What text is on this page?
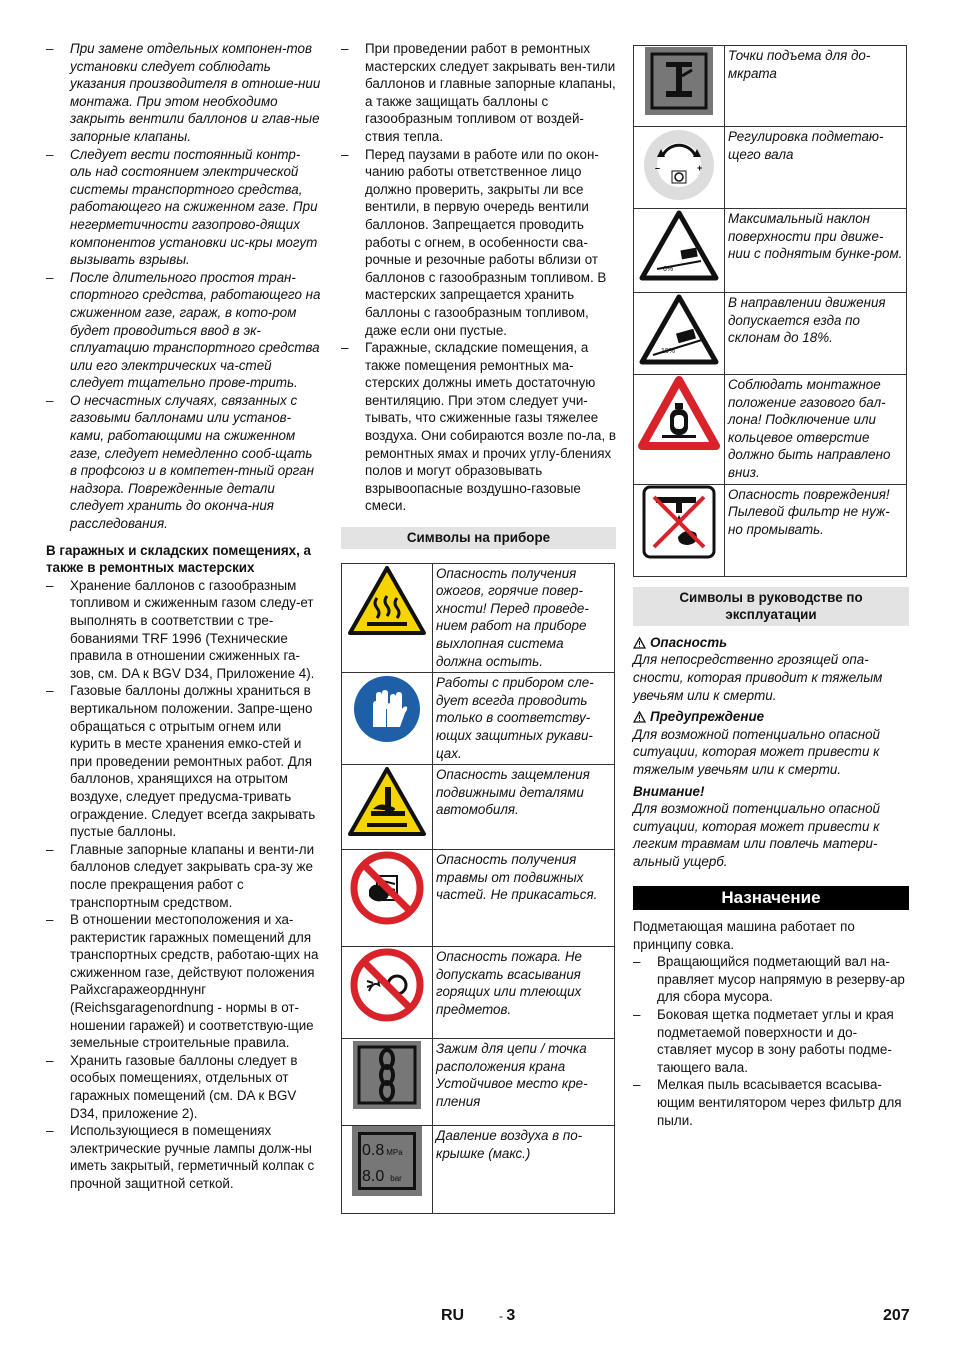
– При замене отдельных компонен-тов установки следует соблюдать указания производителя в отноше-нии монтажа. При этом необходимо закрыть вентили баллонов и глав-ные запорные клапаны.

– Следует вести постоянный контр-оль над состоянием электрической системы транспортного средства, работающего на сжиженном газе. При негерметичности газопрово-дящих компонентов установки ис-кры могут вызывать взрывы.

– После длительного простоя тран-спортного средства, работающего на сжиженном газе, гараж, в кото-ром будет проводиться ввод в эк-сплуатацию транспортного средства или его электрических ча-стей следует тщательно прове-трить.

– О несчастных случаях, связанных с газовыми баллонами или установ-ками, работающими на сжиженном газе, следует немедленно сооб-щать в профсоюз и в компетен-тный орган надзора. Поврежденные детали следует хранить до оконча-ния расследования.

В гаражных и складских помещениях, а также в ремонтных мастерских

– Хранение баллонов с газообразным топливом и сжиженным газом следу-ет выполнять в соответствии с тре-бованиями TRF 1996 (Технические правила в отношении сжиженных га-зов, см. DA к BGV D34, Приложение 4).

– Газовые баллоны должны храниться в вертикальном положении. Запре-щено обращаться с отрытым огнем или курить в месте хранения емко-стей и при проведении ремонтных работ. Для баллонов, хранящихся на отрытом воздухе, следует предусма-тривать ограждение. Следует всегда закрывать пустые баллоны.

– Главные запорные клапаны и венти-ли баллонов следует закрывать сра-зу же после прекращения работ с транспортным средством.

– В отношении местоположения и ха-рактеристик гаражных помещений для транспортных средств, работаю-щих на сжиженном газе, действуют положения Райхсгаражеордннунг (Reichsgaragenordnung - нормы в от-ношении гаражей) и соответствую-щие земельные строительные правила.

– Хранить газовые баллоны следует в особых помещениях, отдельных от гаражных помещений (см. DA к BGV D34, приложение 2).

– Использующиеся в помещениях электрические ручные лампы долж-ны иметь закрытый, герметичный колпак с прочной защитной сеткой.

– При проведении работ в ремонтных мастерских следует закрывать вен-тили баллонов и главные запорные клапаны, а также защищать баллоны с газообразным топливом от воздей-ствия тепла.

– Перед паузами в работе или по окон-чанию работы ответственное лицо должно проверить, закрыты ли все вентили, в первую очередь вентили баллонов. Запрещается проводить работы с огнем, в особенности сва-рочные и резочные работы вблизи от баллонов с газообразным топливом. В мастерских запрещается хранить баллоны с газообразным топливом, даже если они пустые.

– Гаражные, складские помещения, а также помещения ремонтных ма-стерских должны иметь достаточную вентиляцию. При этом следует учи-тывать, что сжиженные газы тяжелее воздуха. Они собираются возле по-ла, в ремонтных ямах и прочих углу-блениях полов и могут образовывать взрывоопасные воздушно-газовые смеси.

Символы на приборе
	Опасность получения ожогов, горячие повер-хности! Перед проведе-нием работ на приборе выхлопная система должна остыть.

	Работы с прибором сле-дует всегда проводить только в соответству-ющих защитных рукави-цах.

	Опасность защемления подвижными деталями автомобиля.

	Опасность получения травмы от подвижных частей. Не прикасаться.

	Опасность пожара. Не допускать всасывания горящих или тлеющих предметов.

	Зажим для цепи / точка расположения крана Устойчивое место кре-пления

0.8 MPa
8.0 bar	Давление воздуха в по-крышке (макс.)
	Точки подъема для до-мкрата

– +	Регулировка подметаю-щего вала

6%	Максимальный наклон поверхности при движе-нии с поднятым бунке-ром.

18%	В направлении движения допускается езда по склонам до 18%.

	Соблюдать монтажное положение газового бал-лона! Подключение или кольцевое отверстие должно быть направлено вниз.

	Опасность повреждения! Пылевой фильтр не нуж-но промывать.
Символы в руководстве по эксплуатации

Опасность

Для непосредственно грозящей опа-сности, которая приводит к тяжелым увечьям или к смерти.

Предупреждение

Для возможной потенциально опасной ситуации, которая может привести к тяжелым увечьям или к смерти.

Внимание!

Для возможной потенциально опасной ситуации, которая может привести к легким травмам или повлечь матери-альный ущерб.

Назначение

Подметающая машина работает по принципу совка.

– Вращающийся подметающий вал на-правляет мусор напрямую в резерву-ар для сбора мусора.

– Боковая щетка подметает углы и края подметаемой поверхности и до-ставляет мусор в зону работы подме-тающего вала.

– Мелкая пыль всасывается всасыва-ющим вентилятором через фильтр для пыли.

RU	- 3	207
